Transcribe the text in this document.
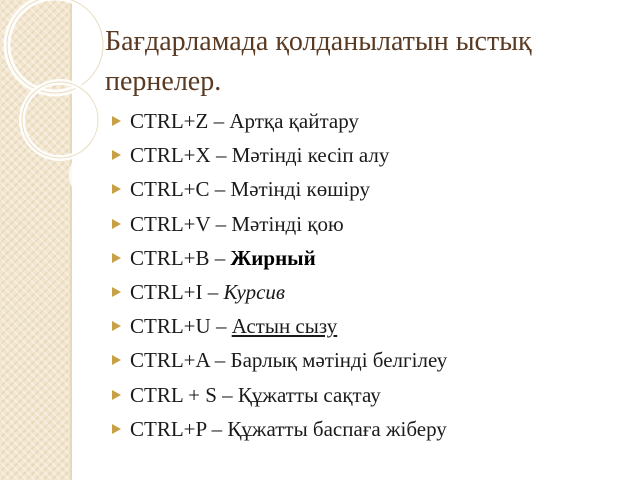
Бағдарламада қолданылатын ыстық пернелер.
CTRL+Z – Артқа қайтару
CTRL+X – Мәтінді кесіп алу
CTRL+C – Мәтінді көшіру
CTRL+V – Мәтінді қою
CTRL+B – Жирный
CTRL+I – Курсив
CTRL+U – Астын сызу
CTRL+A – Барлық мәтінді белгілеу
CTRL + S – Құжатты сақтау
CTRL+P – Құжатты баспаға жіберу
